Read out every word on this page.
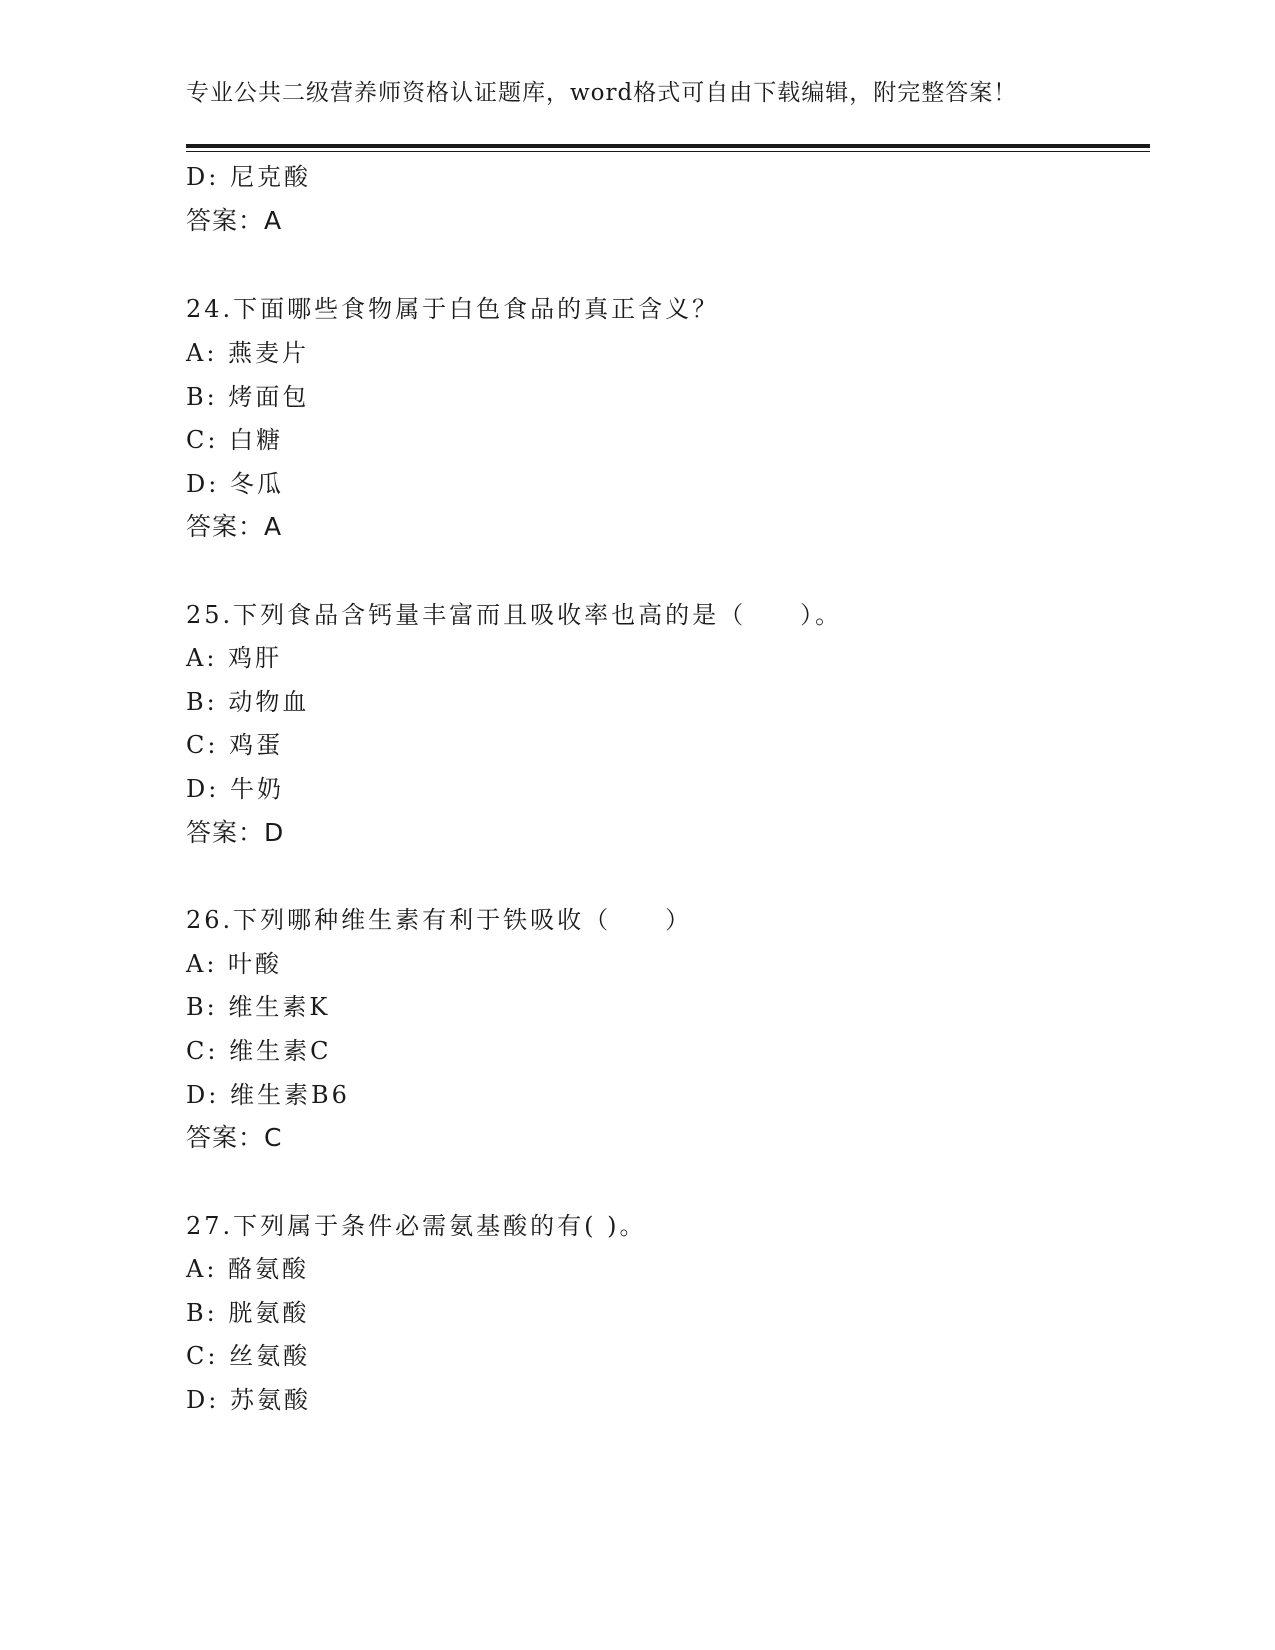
专业公共二级营养师资格认证题库，word格式可自由下载编辑，附完整答案！
D: 尼克酸
答案：A
24.下面哪些食物属于白色食品的真正含义？
A: 燕麦片
B: 烤面包
C: 白糖
D: 冬瓜
答案：A
25.下列食品含钙量丰富而且吸收率也高的是（　　）。
A: 鸡肝
B: 动物血
C: 鸡蛋
D: 牛奶
答案：D
26.下列哪种维生素有利于铁吸收（　　）
A: 叶酸
B: 维生素K
C: 维生素C
D: 维生素B6
答案：C
27.下列属于条件必需氨基酸的有( )。
A: 酪氨酸
B: 胱氨酸
C: 丝氨酸
D: 苏氨酸
